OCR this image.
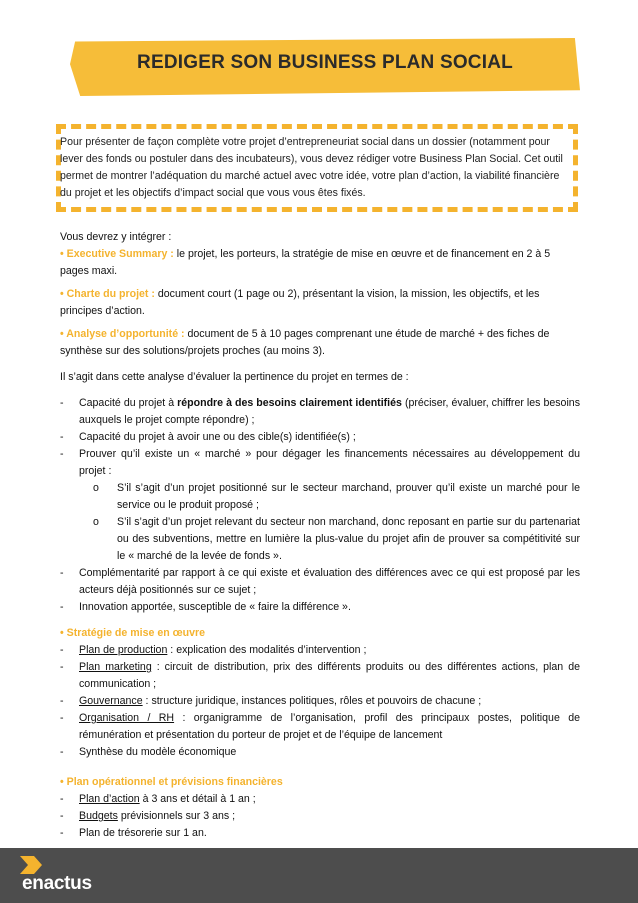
REDIGER SON BUSINESS PLAN SOCIAL
Pour présenter de façon complète votre projet d’entrepreneuriat social dans un dossier (notamment pour lever des fonds ou postuler dans des incubateurs), vous devez rédiger votre Business Plan Social. Cet outil permet de montrer l’adéquation du marché actuel avec votre idée, votre plan d’action, la viabilité financière du projet et les objectifs d’impact social que vous vous êtes fixés.
Vous devrez y intégrer :
• Executive Summary : le projet, les porteurs, la stratégie de mise en œuvre et de financement en 2 à 5 pages maxi.
• Charte du projet : document court (1 page ou 2), présentant la vision, la mission, les objectifs, et les principes d’action.
• Analyse d’opportunité : document de 5 à 10 pages comprenant une étude de marché + des fiches de synthèse sur des solutions/projets proches (au moins 3).
Il s’agit dans cette analyse d’évaluer la pertinence du projet en termes de :
- Capacité du projet à répondre à des besoins clairement identifiés (préciser, évaluer, chiffrer les besoins auxquels le projet compte répondre) ;
- Capacité du projet à avoir une ou des cible(s) identifiée(s) ;
- Prouver qu’il existe un « marché » pour dégager les financements nécessaires au développement du projet :
o S’il s’agit d’un projet positionné sur le secteur marchand, prouver qu’il existe un marché pour le service ou le produit proposé ;
o S’il s’agit d’un projet relevant du secteur non marchand, donc reposant en partie sur du partenariat ou des subventions, mettre en lumière la plus-value du projet afin de prouver sa compétitivité sur le « marché de la levée de fonds ».
- Complémentarité par rapport à ce qui existe et évaluation des différences avec ce qui est proposé par les acteurs déjà positionnés sur ce sujet ;
- Innovation apportée, susceptible de « faire la différence ».
• Stratégie de mise en œuvre
- Plan de production : explication des modalités d’intervention ;
- Plan marketing : circuit de distribution, prix des différents produits ou des différentes actions, plan de communication ;
- Gouvernance : structure juridique, instances politiques, rôles et pouvoirs de chacune ;
- Organisation / RH : organigramme de l’organisation, profil des principaux postes, politique de rémunération et présentation du porteur de projet et de l’équipe de lancement
- Synthèse du modèle économique
• Plan opérationnel et prévisions financières
- Plan d’action à 3 ans et détail à 1 an ;
- Budgets prévisionnels sur 3 ans ;
- Plan de trésorerie sur 1 an.
enactus
